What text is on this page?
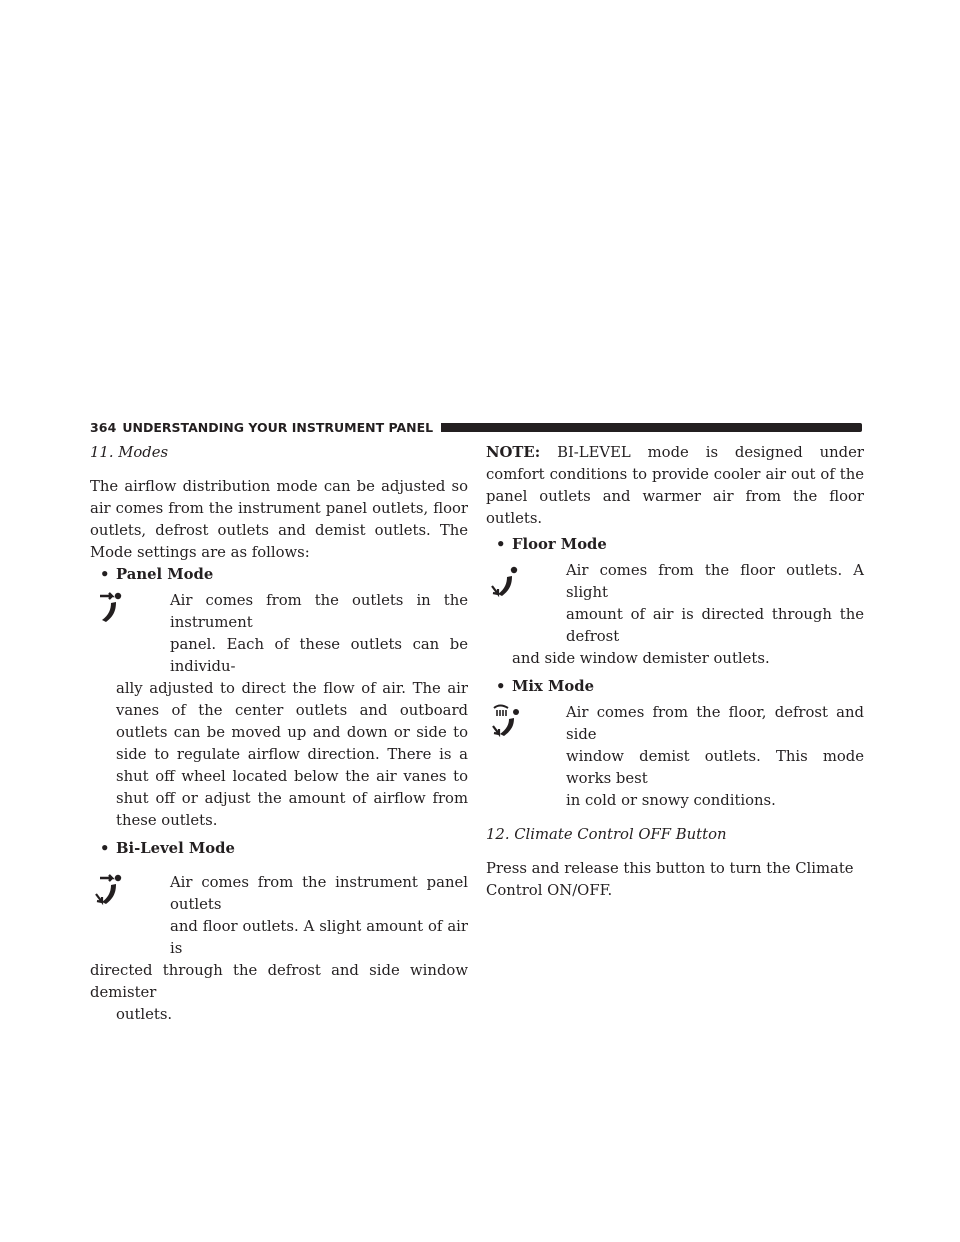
364 UNDERSTANDING YOUR INSTRUMENT PANEL

11. Modes

The airflow distribution mode can be adjusted so air comes from the instrument panel outlets, floor outlets, defrost outlets and demist outlets. The Mode settings are as follows:

• Panel Mode
Air comes from the outlets in the instrument
panel. Each of these outlets can be individu-
ally adjusted to direct the flow of air. The air vanes of the center outlets and outboard outlets can be moved up and down or side to side to regulate airflow direction. There is a shut off wheel located below the air vanes to shut off or adjust the amount of airflow from these outlets.
• Bi-Level Mode
Air comes from the instrument panel outlets
and floor outlets. A slight amount of air is
directed through the defrost and side window demister
outlets.

NOTE: BI-LEVEL mode is designed under comfort conditions to provide cooler air out of the panel outlets and warmer air from the floor outlets.

• Floor Mode
Air comes from the floor outlets. A slight
amount of air is directed through the defrost
and side window demister outlets.
• Mix Mode
Air comes from the floor, defrost and side
window demist outlets. This mode works best
in cold or snowy conditions.

12. Climate Control OFF Button

Press and release this button to turn the Climate Control ON/OFF.
